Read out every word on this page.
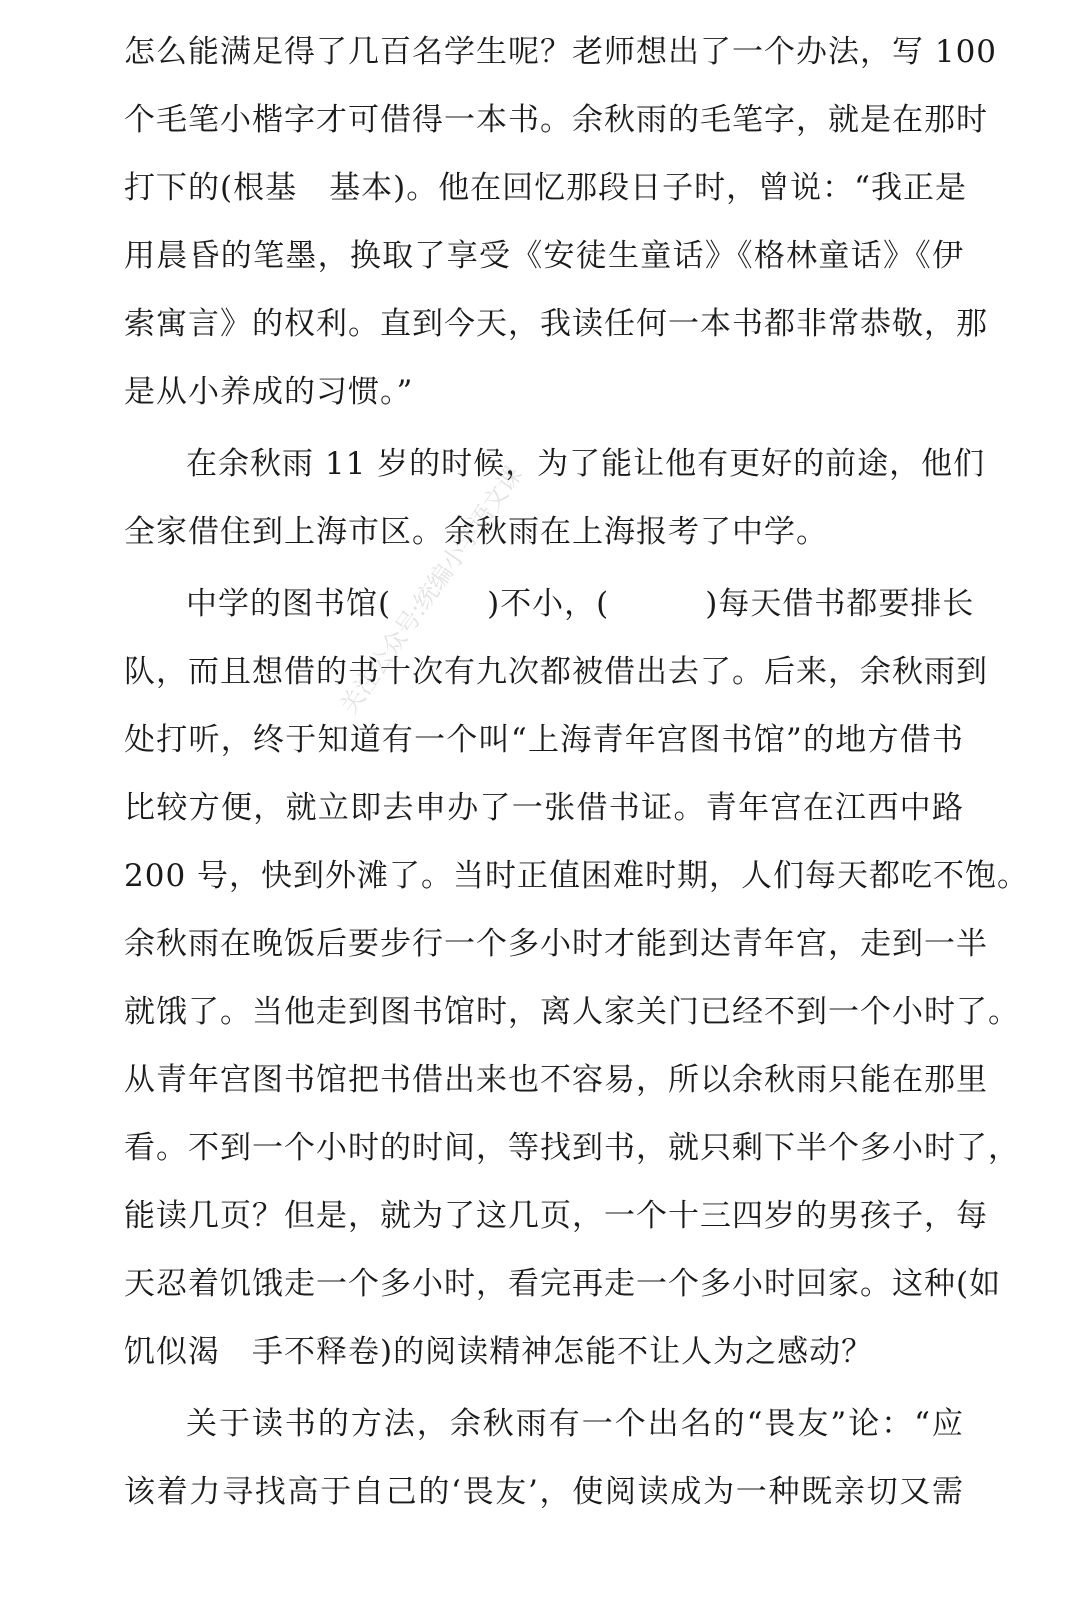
怎么能满足得了几百名学生呢？老师想出了一个办法，写 100
个毛笔小楷字才可借得一本书。余秋雨的毛笔字，就是在那时
打下的(根基　基本)。他在回忆那段日子时，曾说：“我正是
用晨昏的笔墨，换取了享受《安徒生童话》《格林童话》《伊
索寓言》的权利。直到今天，我读任何一本书都非常恭敬，那
是从小养成的习惯。”
在余秋雨 11 岁的时候，为了能让他有更好的前途，他们
全家借住到上海市区。余秋雨在上海报考了中学。
中学的图书馆(　　　)不小，(　　　)每天借书都要排长
队，而且想借的书十次有九次都被借出去了。后来，余秋雨到
处打听，终于知道有一个叫“上海青年宫图书馆”的地方借书
比较方便，就立即去申办了一张借书证。青年宫在江西中路
200 号，快到外滩了。当时正值困难时期，人们每天都吃不饱。
余秋雨在晚饭后要步行一个多小时才能到达青年宫，走到一半
就饿了。当他走到图书馆时，离人家关门已经不到一个小时了。
从青年宫图书馆把书借出来也不容易，所以余秋雨只能在那里
看。不到一个小时的时间，等找到书，就只剩下半个多小时了，
能读几页？但是，就为了这几页，一个十三四岁的男孩子，每
天忍着饥饿走一个多小时，看完再走一个多小时回家。这种(如
饥似渴　手不释卷)的阅读精神怎能不让人为之感动？
关于读书的方法，余秋雨有一个出名的“畏友”论：“应
该着力寻找高于自己的‘畏友’，使阅读成为一种既亲切又需
关注公众号:统编小学语文课
